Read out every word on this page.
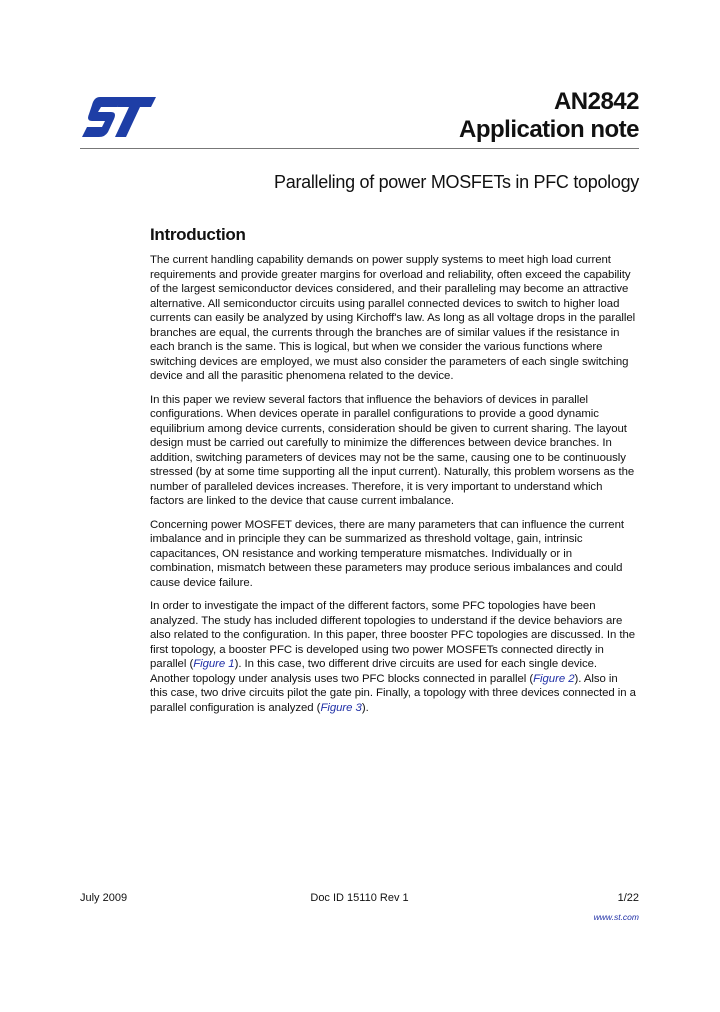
AN2842
Application note
Paralleling of power MOSFETs in PFC topology
Introduction

The current handling capability demands on power supply systems to meet high load current requirements and provide greater margins for overload and reliability, often exceed the capability of the largest semiconductor devices considered, and their paralleling may become an attractive alternative. All semiconductor circuits using parallel connected devices to switch to higher load currents can easily be analyzed by using Kirchoff's law. As long as all voltage drops in the parallel branches are equal, the currents through the branches are of similar values if the resistance in each branch is the same. This is logical, but when we consider the various functions where switching devices are employed, we must also consider the parameters of each single switching device and all the parasitic phenomena related to the device.

In this paper we review several factors that influence the behaviors of devices in parallel configurations. When devices operate in parallel configurations to provide a good dynamic equilibrium among device currents, consideration should be given to current sharing. The layout design must be carried out carefully to minimize the differences between device branches. In addition, switching parameters of devices may not be the same, causing one to be continuously stressed (by at some time supporting all the input current). Naturally, this problem worsens as the number of paralleled devices increases. Therefore, it is very important to understand which factors are linked to the device that cause current imbalance.

Concerning power MOSFET devices, there are many parameters that can influence the current imbalance and in principle they can be summarized as threshold voltage, gain, intrinsic capacitances, ON resistance and working temperature mismatches. Individually or in combination, mismatch between these parameters may produce serious imbalances and could cause device failure.

In order to investigate the impact of the different factors, some PFC topologies have been analyzed. The study has included different topologies to understand if the device behaviors are also related to the configuration. In this paper, three booster PFC topologies are discussed. In the first topology, a booster PFC is developed using two power MOSFETs connected directly in parallel (Figure 1). In this case, two different drive circuits are used for each single device. Another topology under analysis uses two PFC blocks connected in parallel (Figure 2). Also in this case, two drive circuits pilot the gate pin. Finally, a topology with three devices connected in a parallel configuration is analyzed (Figure 3).

July 2009	Doc ID 15110 Rev 1	1/22
www.st.com
